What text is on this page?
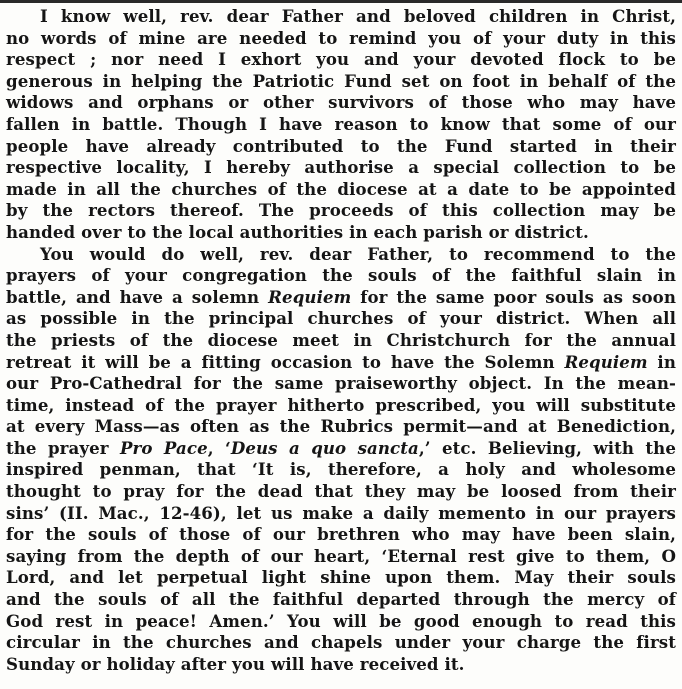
I know well, rev. dear Father and beloved children in Christ,
no words of mine are needed to remind you of your duty in this
respect ; nor need I exhort you and your devoted flock to be
generous in helping the Patriotic Fund set on foot in behalf of the
widows and orphans or other survivors of those who may have
fallen in battle. Though I have reason to know that some of our
people have already contributed to the Fund started in their
respective locality, I hereby authorise a special collection to be
made in all the churches of the diocese at a date to be appointed
by the rectors thereof. The proceeds of this collection may be
handed over to the local authorities in each parish or district.
You would do well, rev. dear Father, to recommend to the
prayers of your congregation the souls of the faithful slain in
battle, and have a solemn Requiem for the same poor souls as soon
as possible in the principal churches of your district. When all
the priests of the diocese meet in Christchurch for the annual
retreat it will be a fitting occasion to have the Solemn Requiem in
our Pro-Cathedral for the same praiseworthy object. In the mean-
time, instead of the prayer hitherto prescribed, you will substitute
at every Mass—as often as the Rubrics permit—and at Benediction,
the prayer Pro Pace, ‘Deus a quo sancta,’ etc. Believing, with the
inspired penman, that ‘It is, therefore, a holy and wholesome
thought to pray for the dead that they may be loosed from their
sins’ (II. Mac., 12-46), let us make a daily memento in our prayers
for the souls of those of our brethren who may have been slain,
saying from the depth of our heart, ‘Eternal rest give to them, O
Lord, and let perpetual light shine upon them. May their souls
and the souls of all the faithful departed through the mercy of
God rest in peace! Amen.’ You will be good enough to read this
circular in the churches and chapels under your charge the first
Sunday or holiday after you will have received it.
